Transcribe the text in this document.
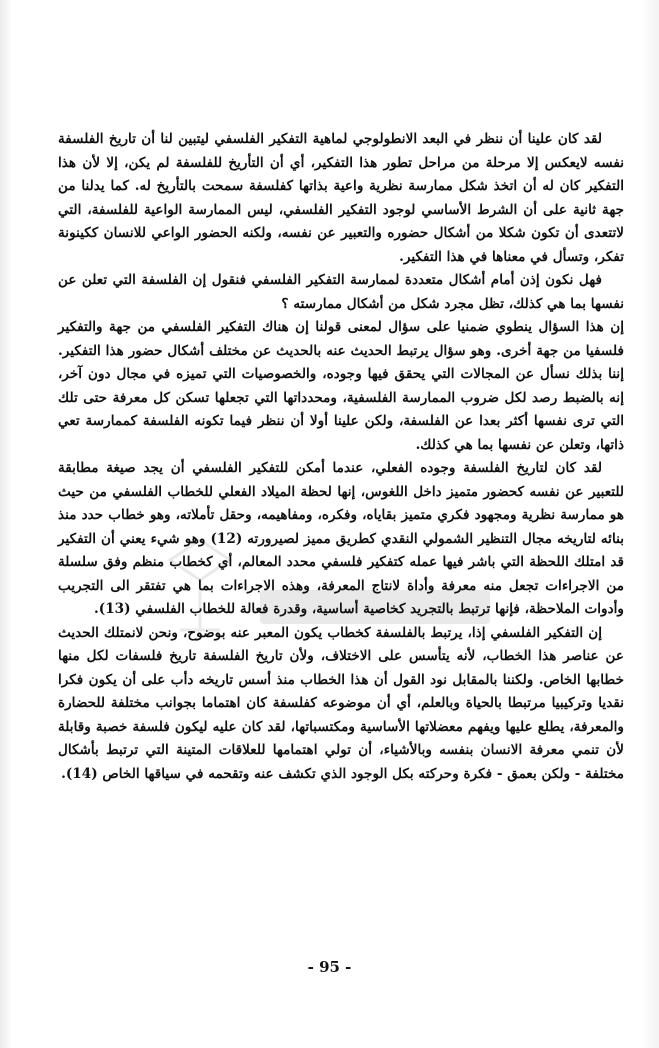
لقد كان علينا أن ننظر في البعد الانطولوجي لماهية التفكير الفلسفي ليتبين لنا أن تاريخ الفلسفة نفسه لايعكس إلا مرحلة من مراحل تطور هذا التفكير، أي أن التأريخ للفلسفة لم يكن، إلا لأن هذا التفكير كان له أن اتخذ شكل ممارسة نظرية واعية بذاتها كفلسفة سمحت بالتأريخ له. كما يدلنا من جهة ثانية على أن الشرط الأساسي لوجود التفكير الفلسفي، ليس الممارسة الواعية للفلسفة، التي لاتتعدى أن تكون شكلا من أشكال حضوره والتعبير عن نفسه، ولكنه الحضور الواعي للانسان ككينونة تفكر، وتسأل في معناها في هذا التفكير.

فهل نكون إذن أمام أشكال متعددة لممارسة التفكير الفلسفي فنقول إن الفلسفة التي تعلن عن نفسها بما هي كذلك، تظل مجرد شكل من أشكال ممارسته ؟

إن هذا السؤال ينطوي ضمنيا على سؤال لمعنى قولنا إن هناك التفكير الفلسفي من جهة والتفكير فلسفيا من جهة أخرى. وهو سؤال يرتبط الحديث عنه بالحديث عن مختلف أشكال حضور هذا التفكير. إننا بذلك نسأل عن المجالات التي يحقق فيها وجوده، والخصوصيات التي تميزه في مجال دون آخر، إنه بالضبط رصد لكل ضروب الممارسة الفلسفية، ومحدداتها التي تجعلها تسكن كل معرفة حتى تلك التي ترى نفسها أكثر بعدا عن الفلسفة، ولكن علينا أولا أن ننظر فيما تكونه الفلسفة كممارسة تعي ذاتها، وتعلن عن نفسها بما هي كذلك.

لقد كان لتاريخ الفلسفة وجوده الفعلي، عندما أمكن للتفكير الفلسفي أن يجد صيغة مطابقة للتعبير عن نفسه كحضور متميز داخل اللغوس، إنها لحظة الميلاد الفعلي للخطاب الفلسفي من حيث هو ممارسة نظرية ومجهود فكري متميز بقاياه، وفكره، ومفاهيمه، وحقل تأملاته، وهو خطاب حدد منذ بنائه لتاريخه مجال التنظير الشمولي النقدي كطريق مميز لصيرورته (12) وهو شيء يعني أن التفكير قد امتلك اللحظة التي باشر فيها عمله كتفكير فلسفي محدد المعالم، أي كخطاب منظم وفق سلسلة من الاجراءات تجعل منه معرفة وأداة لانتاج المعرفة، وهذه الاجراءات بما هي تفتقر الى التجريب وأدوات الملاحظة، فإنها ترتبط بالتجريد كخاصية أساسية، وقدرة فعالة للخطاب الفلسفي (13).

إن التفكير الفلسفي إذا، يرتبط بالفلسفة كخطاب يكون المعبر عنه بوضوح، ونحن لانمتلك الحديث عن عناصر هذا الخطاب، لأنه يتأسس على الاختلاف، ولأن تاريخ الفلسفة تاريخ فلسفات لكل منها خطابها الخاص. ولكننا بالمقابل نود القول أن هذا الخطاب منذ أسس تاريخه دأب على أن يكون فكرا نقديا وتركيبيا مرتبطا بالحياة وبالعلم، أي أن موضوعه كفلسفة كان اهتماما بجوانب مختلفة للحضارة والمعرفة، يطلع عليها ويفهم معضلاتها الأساسية ومكتسباتها، لقد كان عليه ليكون فلسفة خصبة وقابلة لأن تنمي معرفة الانسان بنفسه وبالأشياء، أن تولي اهتمامها للعلاقات المتينة التي ترتبط بأشكال مختلفة - ولكن بعمق - فكرة وحركته بكل الوجود الذي تكشف عنه وتقحمه في سياقها الخاص (14).

- 95 -
